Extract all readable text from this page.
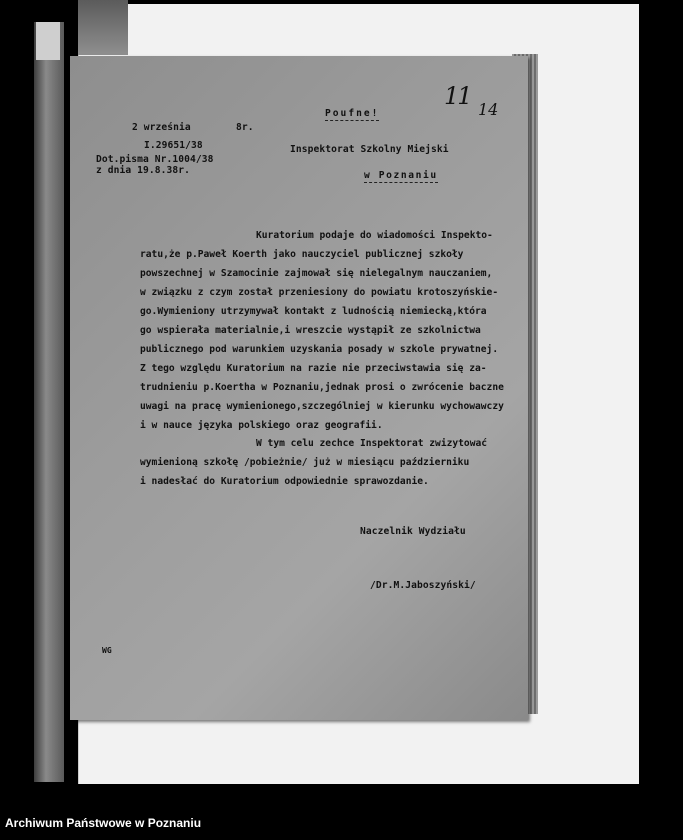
2 września	8r.
I.29651/38
Dot.pisma Nr.1004/38
z dnia 19.8.38r.
Poufne!
11 14
Inspektorat Szkolny Miejski
w Poznaniu
Kuratorium podaje do wiadomości Inspekto-
ratu,że p.Paweł Koerth jako nauczyciel publicznej szkoły
powszechnej w Szamocinie zajmował się nielegalnym nauczaniem,
w związku z czym został przeniesiony do powiatu krotoszyńskie-
go.Wymieniony utrzymywał kontakt z ludnością niemiecką,która
go wspierała materialnie,i wreszcie wystąpił ze szkolnictwa
publicznego pod warunkiem uzyskania posady w szkole prywatnej.
Z tego względu Kuratorium na razie nie przeciwstawia się za-
trudnieniu p.Koertha w Poznaniu,jednak prosi o zwrócenie baczne
uwagi na pracę wymienionego,szczególniej w kierunku wychowawczy
i w nauce języka polskiego oraz geografii.
W tym celu zechce Inspektorat zwizytować
wymienioną szkołę /pobieżnie/ już w miesiącu październiku
i nadesłać do Kuratorium odpowiednie sprawozdanie.
Naczelnik Wydziału
/Dr.M.Jaboszyński/
WG
Archiwum Państwowe w Poznaniu
